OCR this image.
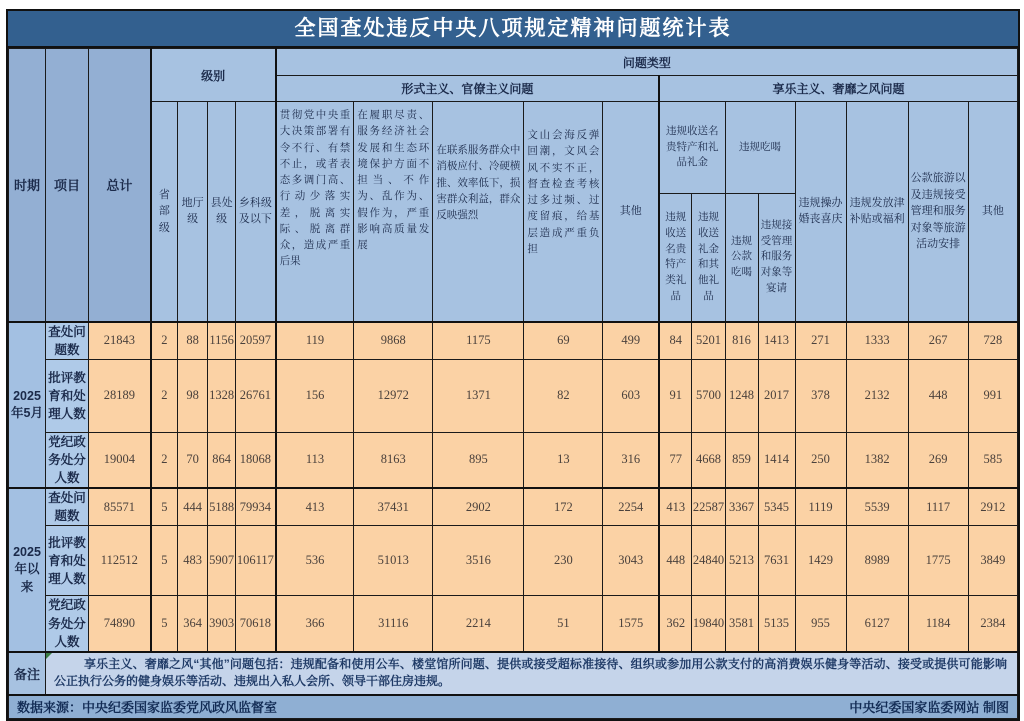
全国查处违反中央八项规定精神问题统计表
时期	项目	总计	级别				问题类型												
							形式主义、官僚主义问题					享乐主义、奢靡之风问题							
			省部级	地厅级	县处级	乡科级及以下	贯彻党中央重大决策部署有令不行、有禁不止，或者表态多调门高、行动少落实差，脱离实际、脱离群众，造成严重后果	在履职尽责、服务经济社会发展和生态环境保护方面不担当、不作为、乱作为、假作为，严重影响高质量发展	在联系服务群众中消极应付、冷硬横推、效率低下，损害群众利益，群众反映强烈	文山会海反弹回潮，文风会风不实不正，督查检查考核过多过频、过度留痕，给基层造成严重负担	其他	违规收送名贵特产和礼品礼金		违规吃喝		违规操办婚丧喜庆	违规发放津补贴或福利	公款旅游以及违规接受管理和服务对象等旅游活动安排	其他
												违规收送名贵特产类礼品	违规收送礼金和其他礼品	违规公款吃喝	违规接受管理和服务对象等宴请				
2025年5月	查处问题数	21843	2	88	1156	20597	119	9868	1175	69	499	84	5201	816	1413	271	1333	267	728
	批评教育和处理人数	28189	2	98	1328	26761	156	12972	1371	82	603	91	5700	1248	2017	378	2132	448	991
	党纪政务处分人数	19004	2	70	864	18068	113	8163	895	13	316	77	4668	859	1414	250	1382	269	585
2025年以来	查处问题数	85571	5	444	5188	79934	413	37431	2902	172	2254	413	22587	3367	5345	1119	5539	1117	2912
	批评教育和处理人数	112512	5	483	5907	106117	536	51013	3516	230	3043	448	24840	5213	7631	1429	8989	1775	3849
	党纪政务处分人数	74890	5	364	3903	70618	366	31116	2214	51	1575	362	19840	3581	5135	955	6127	1184	2384
备注	享乐主义、奢靡之风“其他”问题包括：违规配备和使用公车、楼堂馆所问题、提供或接受超标准接待、组织或参加用公款支付的高消费娱乐健身等活动、接受或提供可能影响公正执行公务的健身娱乐等活动、违规出入私人会所、领导干部住房违规。																		

数据来源：中央纪委国家监委党风政风监督室 中央纪委国家监委网站 制图																			
